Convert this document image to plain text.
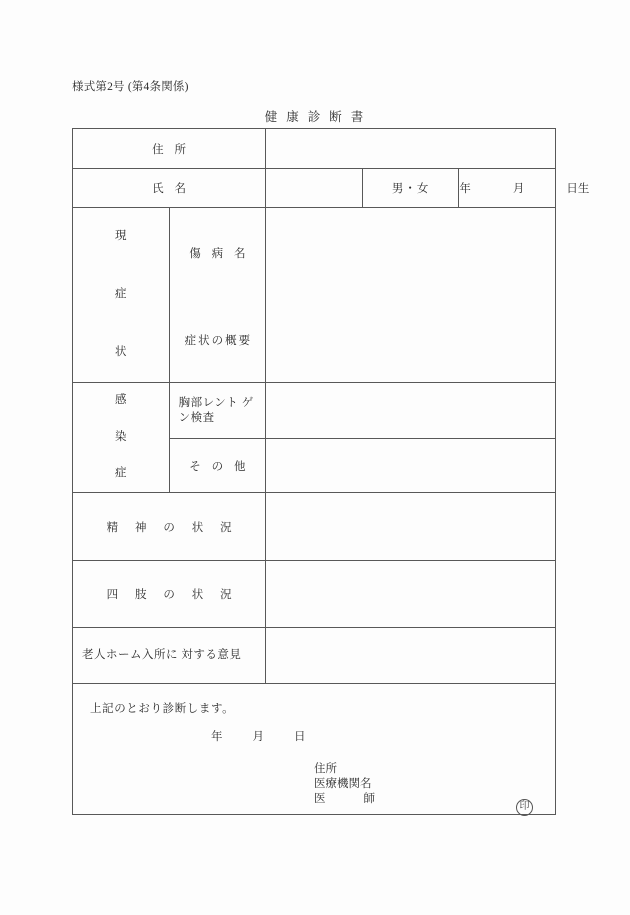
様式第2号 (第4条関係)
健康診断書
住 所				
氏 名			男・女	年 月 日生

現
症
状	傷 病 名			
	症状の概要			

感
染
症	胸部レント ゲン検査			
	そ の 他			
精 神 の 状 況				
四 肢 の 状 況				
老人ホーム入所に 対する意見				

上記のとおり診断します。
年	月	日
住所
医療機関名
医	師
印
